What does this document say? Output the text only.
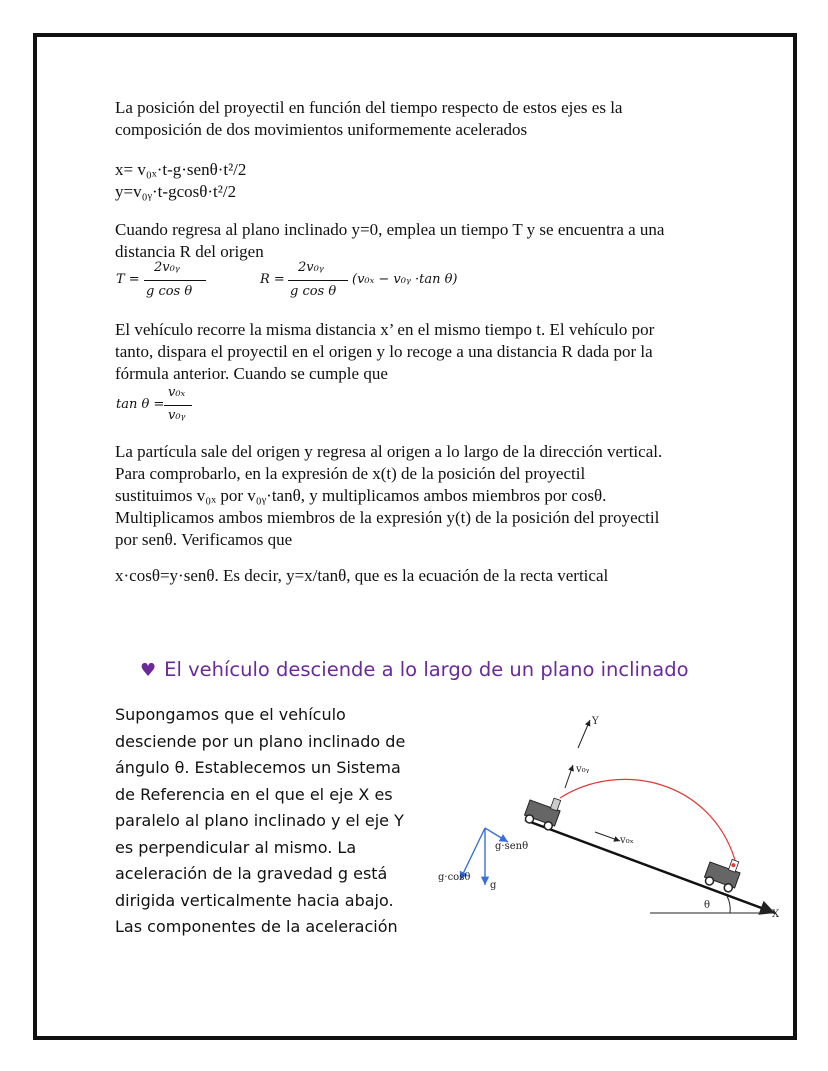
La posición del proyectil en función del tiempo respecto de estos ejes es la
composición de dos movimientos uniformemente acelerados
x= v₀ₓ·t-g·senθ·t²/2
y=v₀ᵧ·t-gcosθ·t²/2
Cuando regresa al plano inclinado y=0, emplea un tiempo T y se encuentra a una
distancia R del origen
T =
2v₀ᵧ
g cos θ
R =
2v₀ᵧ
g cos θ
(v₀ₓ − v₀ᵧ ·tan θ)
El vehículo recorre la misma distancia x’ en el mismo tiempo t. El vehículo por
tanto, dispara el proyectil en el origen y lo recoge a una distancia R dada por la
fórmula anterior. Cuando se cumple que
tan θ =
v₀ₓ
v₀ᵧ
La partícula sale del origen y regresa al origen a lo largo de la dirección vertical.
Para comprobarlo, en la expresión de x(t) de la posición del proyectil
sustituimos v₀ₓ por v₀ᵧ·tanθ, y multiplicamos ambos miembros por cosθ.
Multiplicamos ambos miembros de la expresión y(t) de la posición del proyectil
por senθ. Verificamos que
x·cosθ=y·senθ. Es decir, y=x/tanθ, que es la ecuación de la recta vertical
♥ El vehículo desciende a lo largo de un plano inclinado
Supongamos que el vehículo
desciende por un plano inclinado de
ángulo θ. Establecemos un Sistema
de Referencia en el que el eje X es
paralelo al plano inclinado y el eje Y
es perpendicular al mismo. La
aceleración de la gravedad g está
dirigida verticalmente hacia abajo.
Las componentes de la aceleración
θ
X
Y
v₀ᵧ
v₀ₓ
g·senθ
g·cosθ
g
